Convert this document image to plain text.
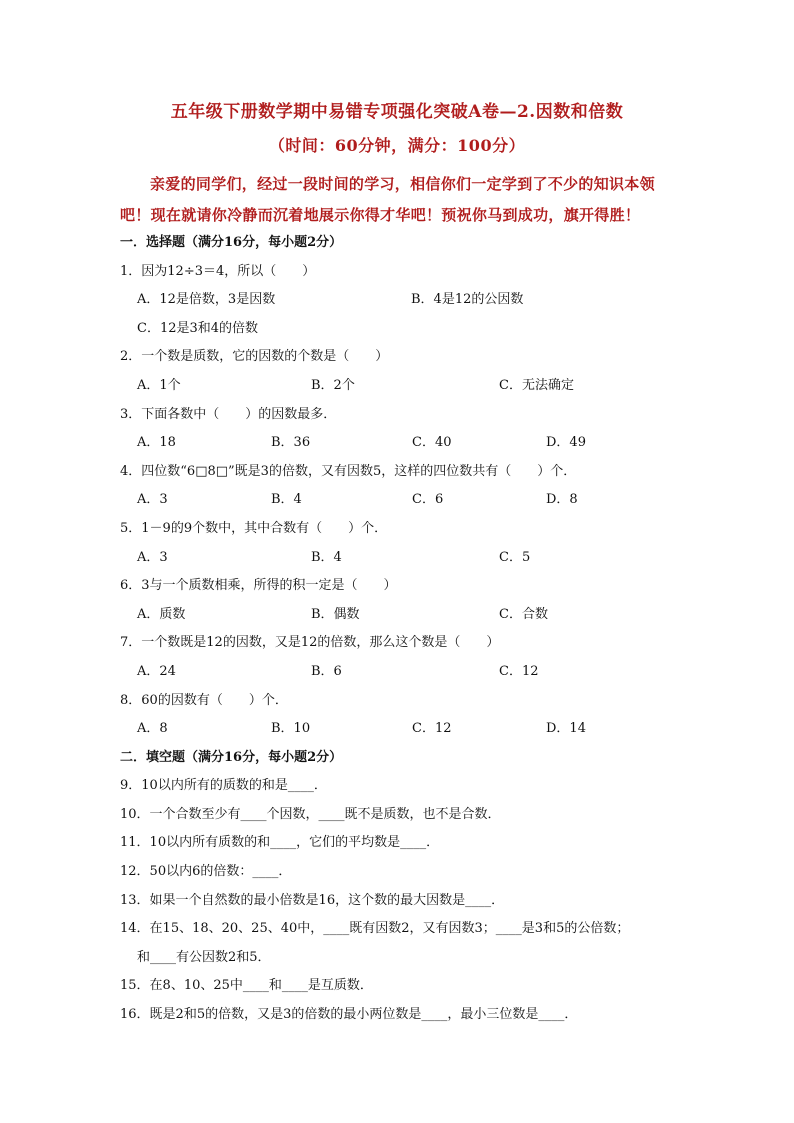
五年级下册数学期中易错专项强化突破A卷—2.因数和倍数
（时间：60分钟，满分：100分）
亲爱的同学们，经过一段时间的学习，相信你们一定学到了不少的知识本领吧！现在就请你冷静而沉着地展示你得才华吧！预祝你马到成功，旗开得胜！
一．选择题（满分16分，每小题2分）
1．因为12÷3＝4，所以（　　）
A．12是倍数，3是因数	B．4是12的公因数
C．12是3和4的倍数
2．一个数是质数，它的因数的个数是（　　）
A．1个	B．2个	C．无法确定
3．下面各数中（　　）的因数最多．
A．18	B．36	C．40	D．49
4．四位数“6□8□”既是3的倍数，又有因数5，这样的四位数共有（　　）个．
A．3	B．4	C．6	D．8
5．1－9的9个数中，其中合数有（　　）个．
A．3	B．4	C．5
6．3与一个质数相乘，所得的积一定是（　　）
A．质数	B．偶数	C．合数
7．一个数既是12的因数，又是12的倍数，那么这个数是（　　）
A．24	B．6	C．12
8．60的因数有（　　）个．
A．8	B．10	C．12	D．14
二．填空题（满分16分，每小题2分）
9．10以内所有的质数的和是____．
10．一个合数至少有____个因数，____既不是质数，也不是合数．
11．10以内所有质数的和____，它们的平均数是____．
12．50以内6的倍数：____．
13．如果一个自然数的最小倍数是16，这个数的最大因数是____．
14．在15、18、20、25、40中，____既有因数2，又有因数3；____是3和5的公倍数；
和____有公因数2和5．
15．在8、10、25中____和____是互质数．
16．既是2和5的倍数，又是3的倍数的最小两位数是____，最小三位数是____．
